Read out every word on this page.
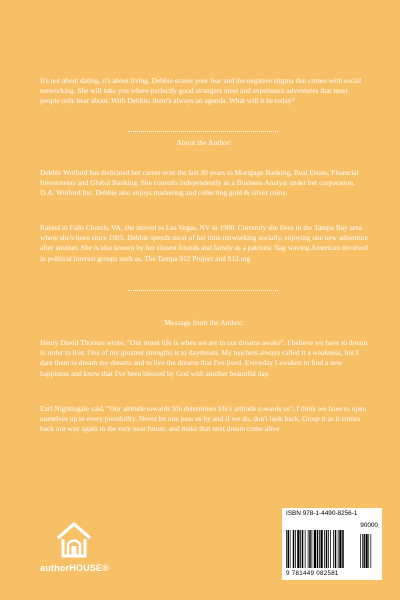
It's not about dating, it's about living. Debbie erases your fear and the negative stigma that comes with social networking. She will take you where perfectly good strangers meet and experience adventures that most people only hear about. With Debbie, there's always an agenda. What will it be today?

About the Author:

Debbie Wolford has dedicated her career over the last 30 years to Mortgage Banking, Real Estate, Financial Investments and Global Banking. She consults independently as a Business Analyst under her corporation, D.A. Wolford Inc. Debbie also enjoys marketing and collecting gold & silver coins.

Raised in Falls Church, VA, she moved to Las Vegas, NV in 1990. Currently she lives in the Tampa Bay area where she's been since 1995. Debbie spends most of her time networking socially, enjoying one new adventure after another. She is also known by her closest friends and family as a patriotic flag waving American involved in political interest groups such as, The Tampa 912 Project and 912.org

Message from the Author:

Henry David Thoreau wrote, "Our truest life is when we are in our dreams awake". I believe we have to dream in order to live. One of my greatest strengths is to daydream. My teachers always called it a weakness, but I dare them to dream my dreams and to live the dreams that I've lived. Everyday I awaken to find a new happiness and know that I've been blessed by God with another beautiful day.

Earl Nightingale said, "Our attitude towards life determines life's attitude towards us". I think we have to open ourselves up to every possibility. Never let one pass us by and if we do, don't look back. Grasp it as it comes back our way again in the very near future, and make that next dream come alive

authorHOUSE®
ISBN 978-1-4490-8256-1
90000
9 781449 082581
